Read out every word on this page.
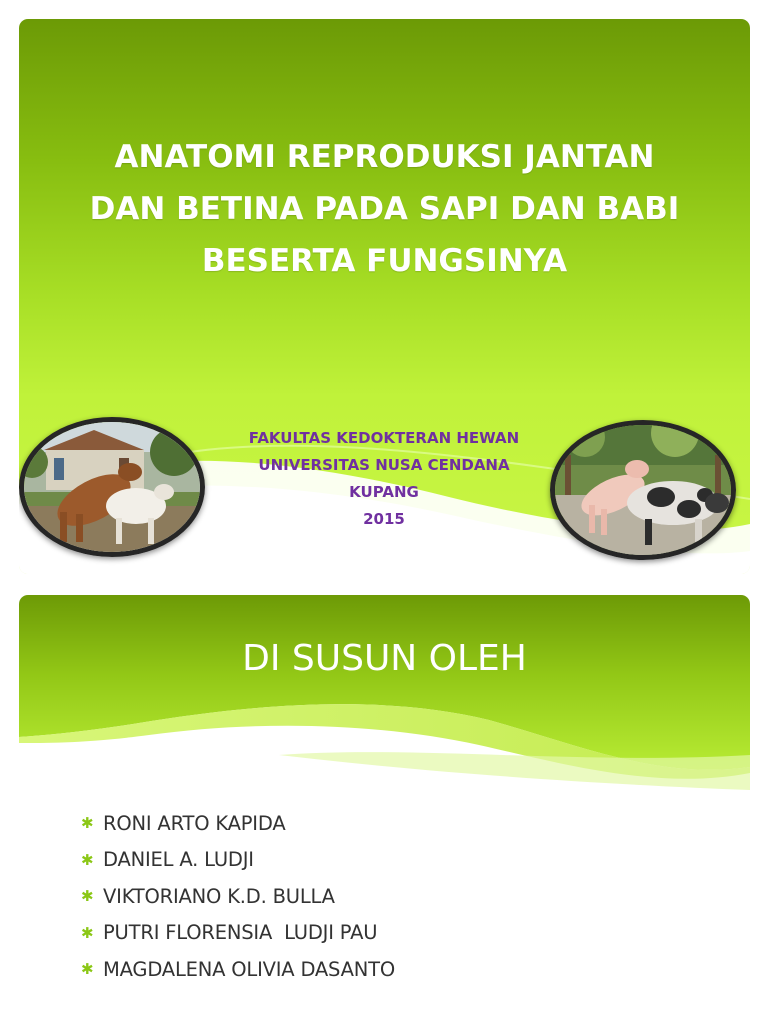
ANATOMI REPRODUKSI JANTAN
DAN BETINA PADA SAPI DAN BABI
BESERTA FUNGSINYA
FAKULTAS KEDOKTERAN HEWAN
UNIVERSITAS NUSA CENDANA
KUPANG
2015
DI SUSUN OLEH
✱ RONI ARTO KAPIDA
✱ DANIEL A. LUDJI
✱ VIKTORIANO K.D. BULLA
✱ PUTRI FLORENSIA  LUDJI PAU
✱ MAGDALENA OLIVIA DASANTO
